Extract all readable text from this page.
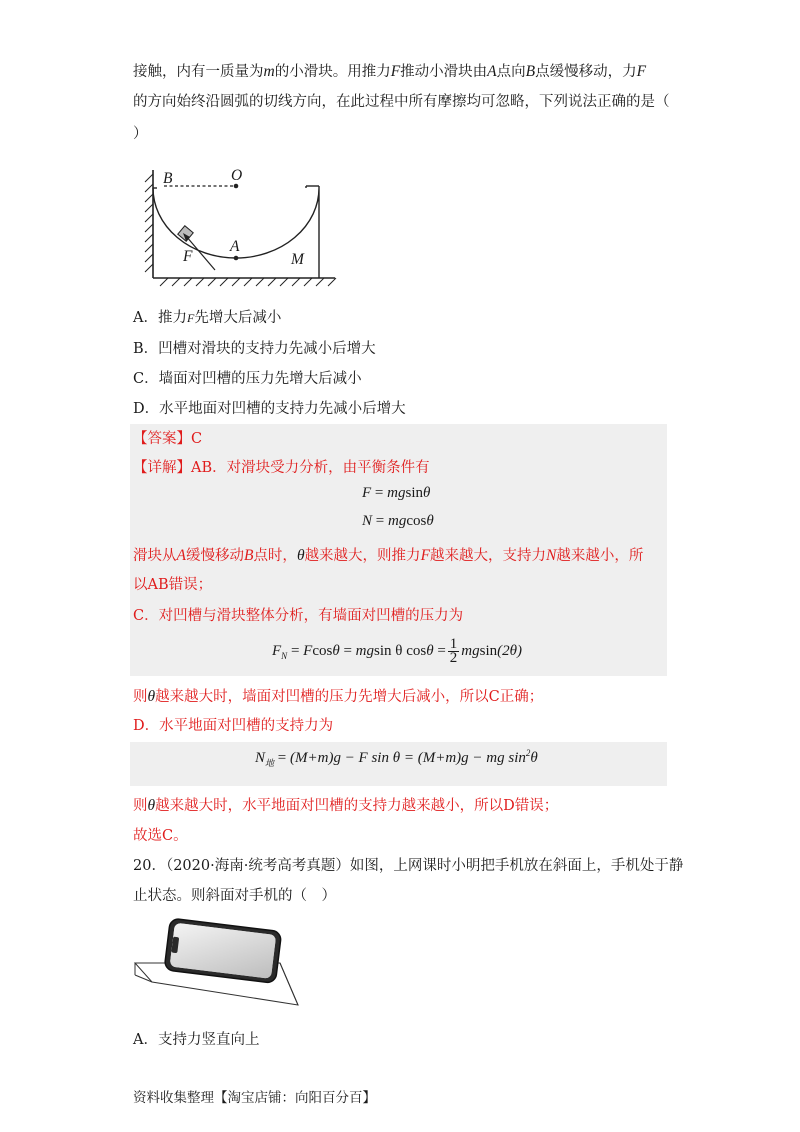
接触，内有一质量为m的小滑块。用推力F推动小滑块由A点向B点缓慢移动，力F
的方向始终沿圆弧的切线方向，在此过程中所有摩擦均可忽略，下列说法正确的是（
）
B	O
A
F	M
A．推力F先增大后减小
B．凹槽对滑块的支持力先减小后增大
C．墙面对凹槽的压力先增大后减小
D．水平地面对凹槽的支持力先减小后增大
【答案】C
【详解】AB．对滑块受力分析，由平衡条件有
F = mgsinθ
N = mgcosθ
滑块从A缓慢移动B点时，θ越来越大，则推力F越来越大，支持力N越来越小，所
以AB错误；
C．对凹槽与滑块整体分析，有墙面对凹槽的压力为
$F_N = Fcos\theta = mgsin$ θ $\cos\theta = \frac{1}{2} mgsin(2\theta)$
则θ越来越大时，墙面对凹槽的压力先增大后减小，所以C正确；
D．水平地面对凹槽的支持力为
$N_地 = (M+m)g - F$ sin θ = (M+m)g − mg $\sin^2\theta$
则θ越来越大时，水平地面对凹槽的支持力越来越小，所以D错误；
故选C。
20．（2020·海南·统考高考真题）如图，上网课时小明把手机放在斜面上，手机处于静
止状态。则斜面对手机的（　）
A．支持力竖直向上
资料收集整理【淘宝店铺：向阳百分百】
